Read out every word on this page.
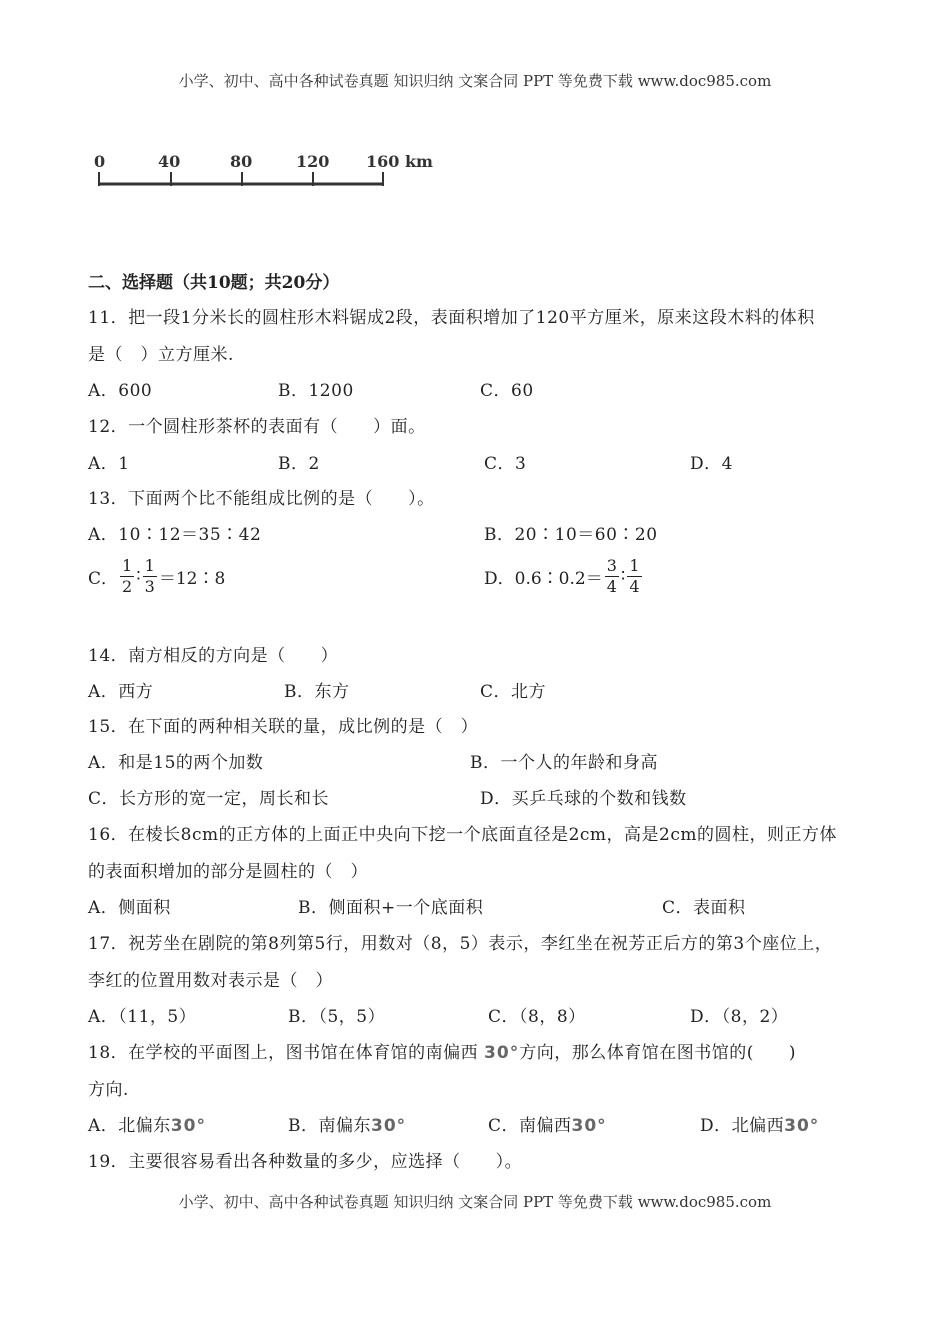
小学、初中、高中各种试卷真题 知识归纳 文案合同 PPT 等免费下载 www.doc985.com
0	40	80	120 160 km
二、选择题（共10题；共20分）
11．把一段1分米长的圆柱形木料锯成2段，表面积增加了120平方厘米，原来这段木料的体积
是（　）立方厘米.
A．600	B．1200	C．60
12．一个圆柱形茶杯的表面有（　　）面。
A．1	B．2	C．3	D．4
13．下面两个比不能组成比例的是（　　）。
A．10∶12＝35∶42	B．20∶10＝60∶20
C． $\frac{1}{2}$ ∶ $\frac{1}{3}$ ＝12∶8	D．0.6∶0.2＝ $\frac{3}{4}$ ∶ $\frac{1}{4}$
14．南方相反的方向是（　　）
A．西方	B．东方	C．北方
15．在下面的两种相关联的量，成比例的是（　）
A．和是15的两个加数	B．一个人的年龄和身高
C．长方形的宽一定，周长和长	D．买乒乓球的个数和钱数
16．在棱长8cm的正方体的上面正中央向下挖一个底面直径是2cm，高是2cm的圆柱，则正方体
的表面积增加的部分是圆柱的（　）
A．侧面积	B．侧面积+一个底面积	C．表面积
17．祝芳坐在剧院的第8列第5行，用数对（8，5）表示，李红坐在祝芳正后方的第3个座位上，
李红的位置用数对表示是（　）
A．（11，5）	B．（5，5）	C．（8，8）	D．（8，2）
18．在学校的平面图上，图书馆在体育馆的南偏西 30°方向，那么体育馆在图书馆的(　　)
方向.
A．北偏东30°	B．南偏东30°	C．南偏西30°	D．北偏西30°
19．主要很容易看出各种数量的多少，应选择（　　）。
小学、初中、高中各种试卷真题 知识归纳 文案合同 PPT 等免费下载 www.doc985.com
